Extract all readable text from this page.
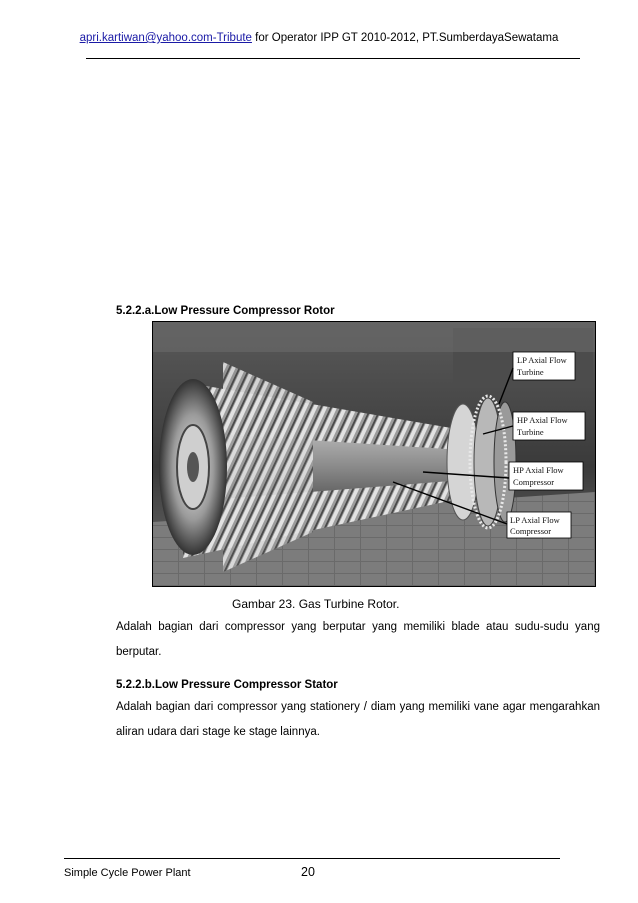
apri.kartiwan@yahoo.com-Tribute for Operator IPP GT 2010-2012, PT.SumberdayaSewatama
5.2.2.a.Low Pressure Compressor Rotor
LP Axial Flow
Turbine
HP Axial Flow
Turbine
HP Axial Flow
Compressor
LP Axial Flow
Compressor
Gambar 23. Gas Turbine Rotor.
Adalah bagian dari compressor yang berputar yang memiliki blade atau sudu-sudu yang berputar.
5.2.2.b.Low Pressure Compressor Stator
Adalah bagian dari compressor yang stationery / diam yang memiliki vane agar mengarahkan aliran udara dari stage ke stage lainnya.
Simple Cycle Power Plant	20
